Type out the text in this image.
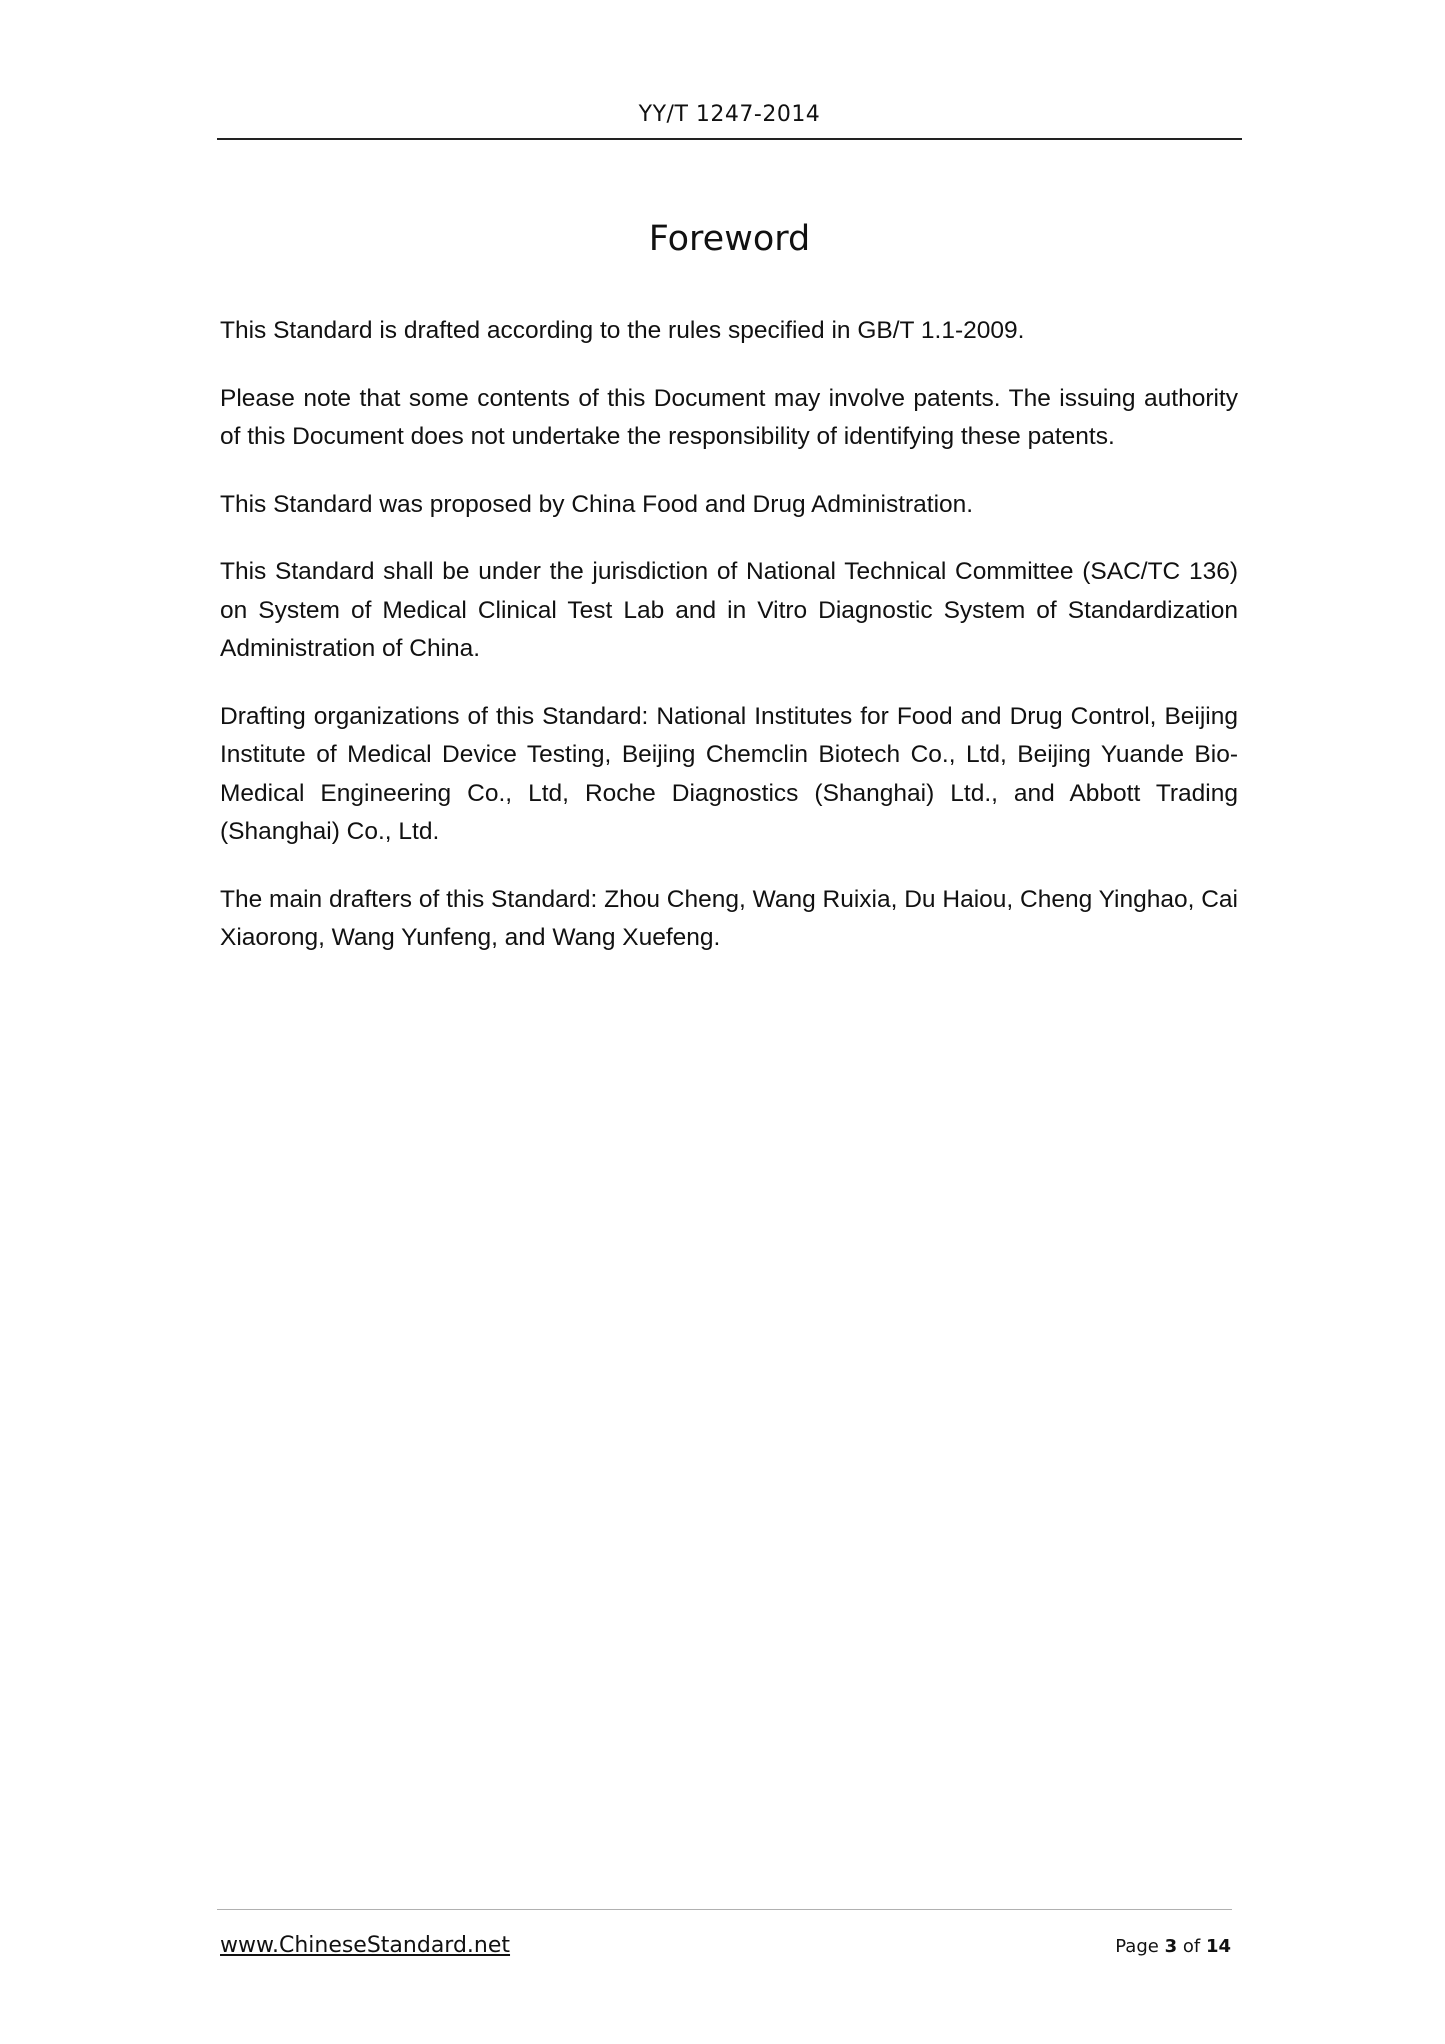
YY/T 1247-2014
Foreword

This Standard is drafted according to the rules specified in GB/T 1.1-2009.

Please note that some contents of this Document may involve patents. The issuing authority of this Document does not undertake the responsibility of identifying these patents.

This Standard was proposed by China Food and Drug Administration.

This Standard shall be under the jurisdiction of National Technical Committee (SAC/TC 136) on System of Medical Clinical Test Lab and in Vitro Diagnostic System of Standardization Administration of China.

Drafting organizations of this Standard: National Institutes for Food and Drug Control, Beijing Institute of Medical Device Testing, Beijing Chemclin Biotech Co., Ltd, Beijing Yuande Bio-Medical Engineering Co., Ltd, Roche Diagnostics (Shanghai) Ltd., and Abbott Trading (Shanghai) Co., Ltd.

The main drafters of this Standard: Zhou Cheng, Wang Ruixia, Du Haiou, Cheng Yinghao, Cai Xiaorong, Wang Yunfeng, and Wang Xuefeng.

www.ChineseStandard.net	Page 3 of 14
